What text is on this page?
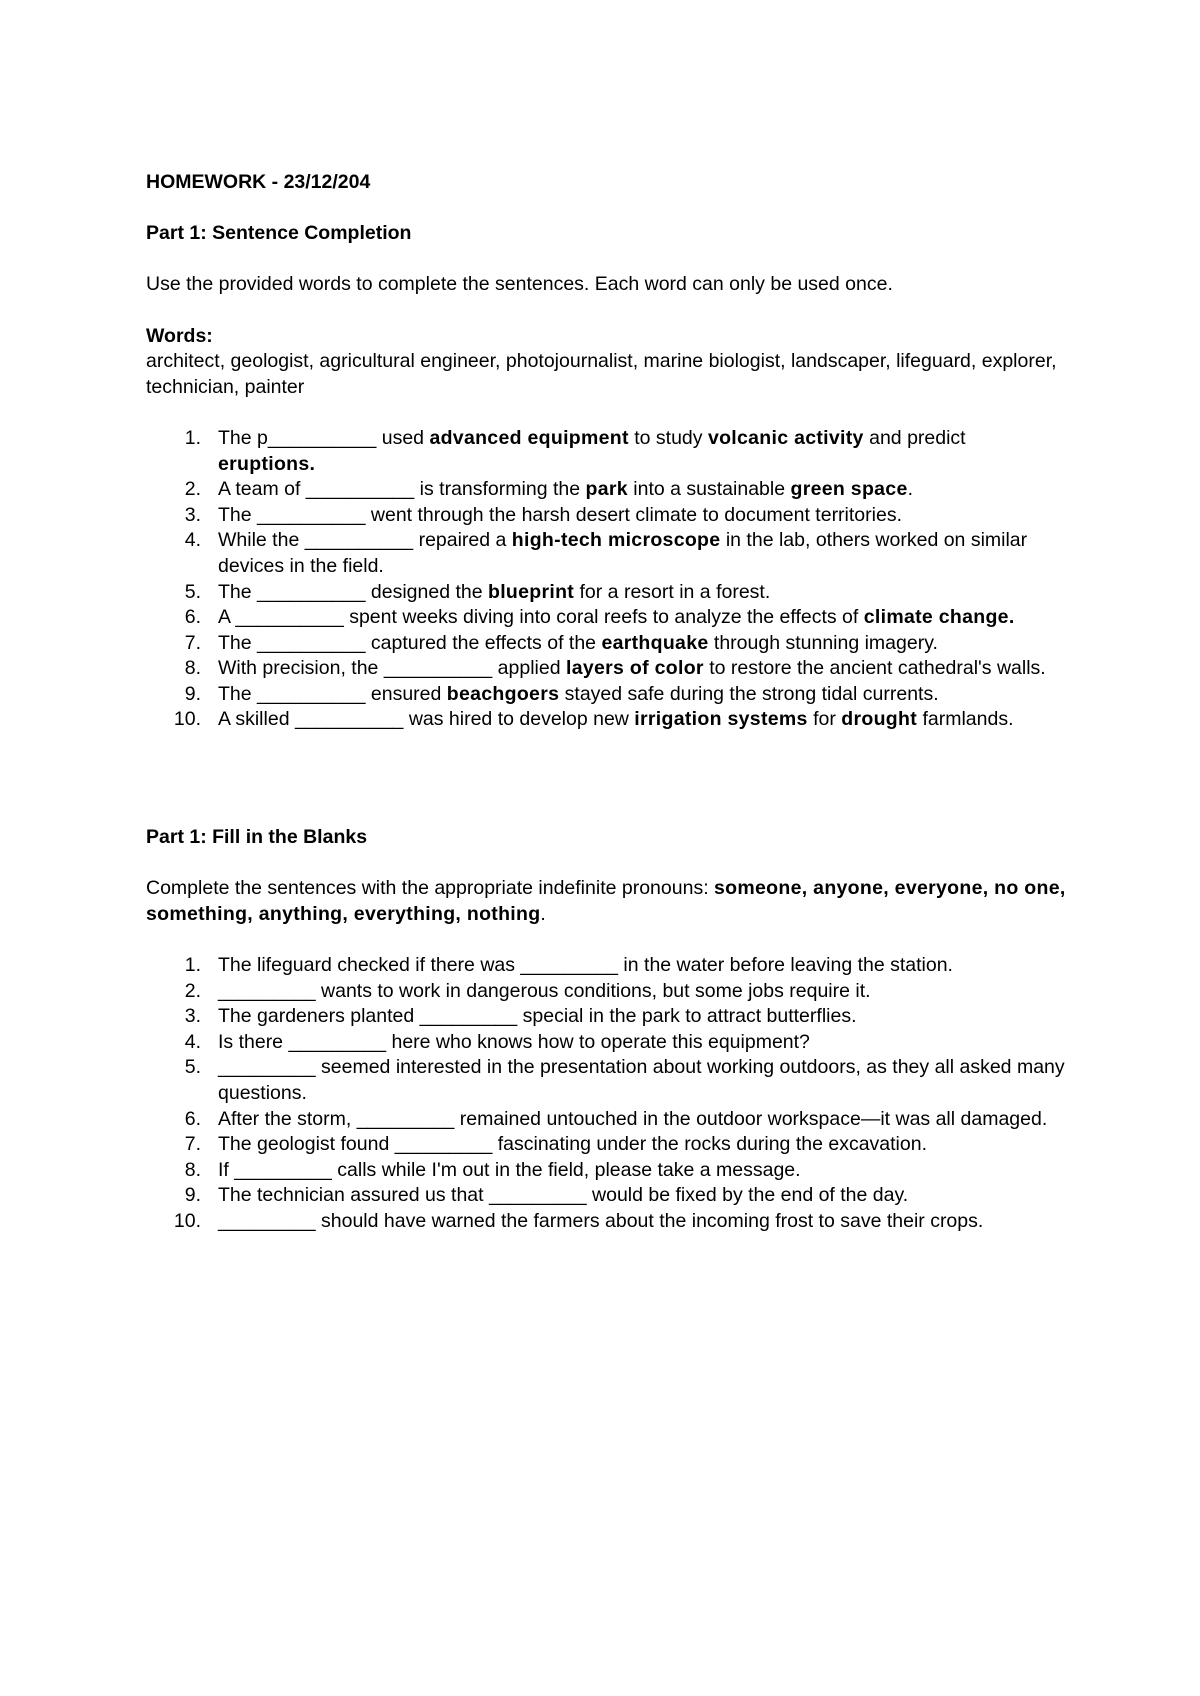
HOMEWORK - 23/12/204
Part 1: Sentence Completion
Use the provided words to complete the sentences. Each word can only be used once.
Words:
architect, geologist, agricultural engineer, photojournalist, marine biologist, landscaper, lifeguard, explorer, technician, painter
1 . The p__________ used advanced equipment to study volcanic activity and predict eruptions.
2 . A team of __________ is transforming the park into a sustainable green space.
3 . The __________ went through the harsh desert climate to document territories.
4 . While the __________ repaired a high-tech microscope in the lab, others worked on similar devices in the field.
5 . The __________ designed the blueprint for a resort in a forest.
6 . A __________ spent weeks diving into coral reefs to analyze the effects of climate change.
7 . The __________ captured the effects of the earthquake through stunning imagery.
8 . With precision, the __________ applied layers of color to restore the ancient cathedral's walls.
9 . The __________ ensured beachgoers stayed safe during the strong tidal currents.
10 . A skilled __________ was hired to develop new irrigation systems for drought farmlands.
Part 1: Fill in the Blanks
Complete the sentences with the appropriate indefinite pronouns: someone, anyone, everyone, no one, something, anything, everything, nothing.
1 . The lifeguard checked if there was _________ in the water before leaving the station.
2 . _________ wants to work in dangerous conditions, but some jobs require it.
3 . The gardeners planted _________ special in the park to attract butterflies.
4 . Is there _________ here who knows how to operate this equipment?
5 . _________ seemed interested in the presentation about working outdoors, as they all asked many questions.
6 . After the storm, _________ remained untouched in the outdoor workspace—it was all damaged.
7 . The geologist found _________ fascinating under the rocks during the excavation.
8 . If _________ calls while I'm out in the field, please take a message.
9 . The technician assured us that _________ would be fixed by the end of the day.
10 . _________ should have warned the farmers about the incoming frost to save their crops.
